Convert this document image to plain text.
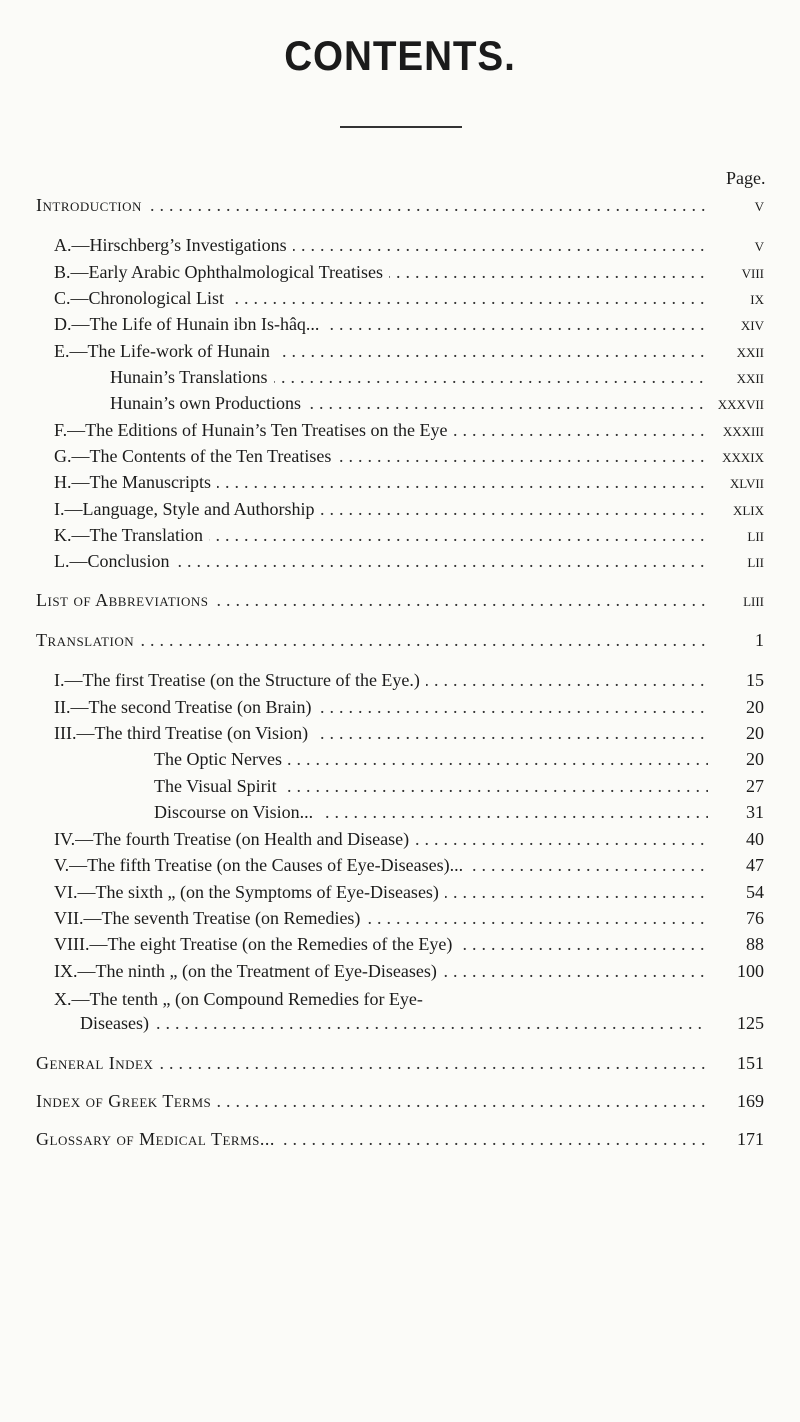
CONTENTS.
Page.
.....
Introduction	v
.....
A.—Hirschberg’s Investigations	v
.....
B.—Early Arabic Ophthalmological Treatises	viii
.....
C.—Chronological List	ix
.....
D.—The Life of Hunain ibn Is-hâq...	xiv
.....
E.—The Life-work of Hunain	xxii
.....
Hunain’s Translations	xxii
.....
Hunain’s own Productions	xxxvii
.....
F.—The Editions of Hunain’s Ten Treatises on the Eye	xxxiii
.....
G.—The Contents of the Ten Treatises	xxxix
.....
H.—The Manuscripts	xlvii
.....
I.—Language, Style and Authorship	xlix
.....
K.—The Translation	lii
.....
L.—Conclusion	lii
.....
List of Abbreviations	liii
.....
Translation	1
.....
I.—The first Treatise (on the Structure of the Eye.)	15
.....
II.—The second Treatise (on Brain)	20
.....
III.—The third Treatise (on Vision)	20
.....
The Optic Nerves	20
.....
The Visual Spirit	27
.....
Discourse on Vision...	31
.....
IV.—The fourth Treatise (on Health and Disease)	40
.....
V.—The fifth Treatise (on the Causes of Eye-Diseases)...	47
.....
VI.—The sixth „ (on the Symptoms of Eye-Diseases)	54
.....
VII.—The seventh Treatise (on Remedies)	76
.....
VIII.—The eight Treatise (on the Remedies of the Eye)	88
.....
IX.—The ninth „ (on the Treatment of Eye-Diseases)	100
X.—The tenth „ (on Compound Remedies for Eye-
.....
Diseases)	125
.....
General Index	151
.....
Index of Greek Terms	169
.....
Glossary of Medical Terms...	171
